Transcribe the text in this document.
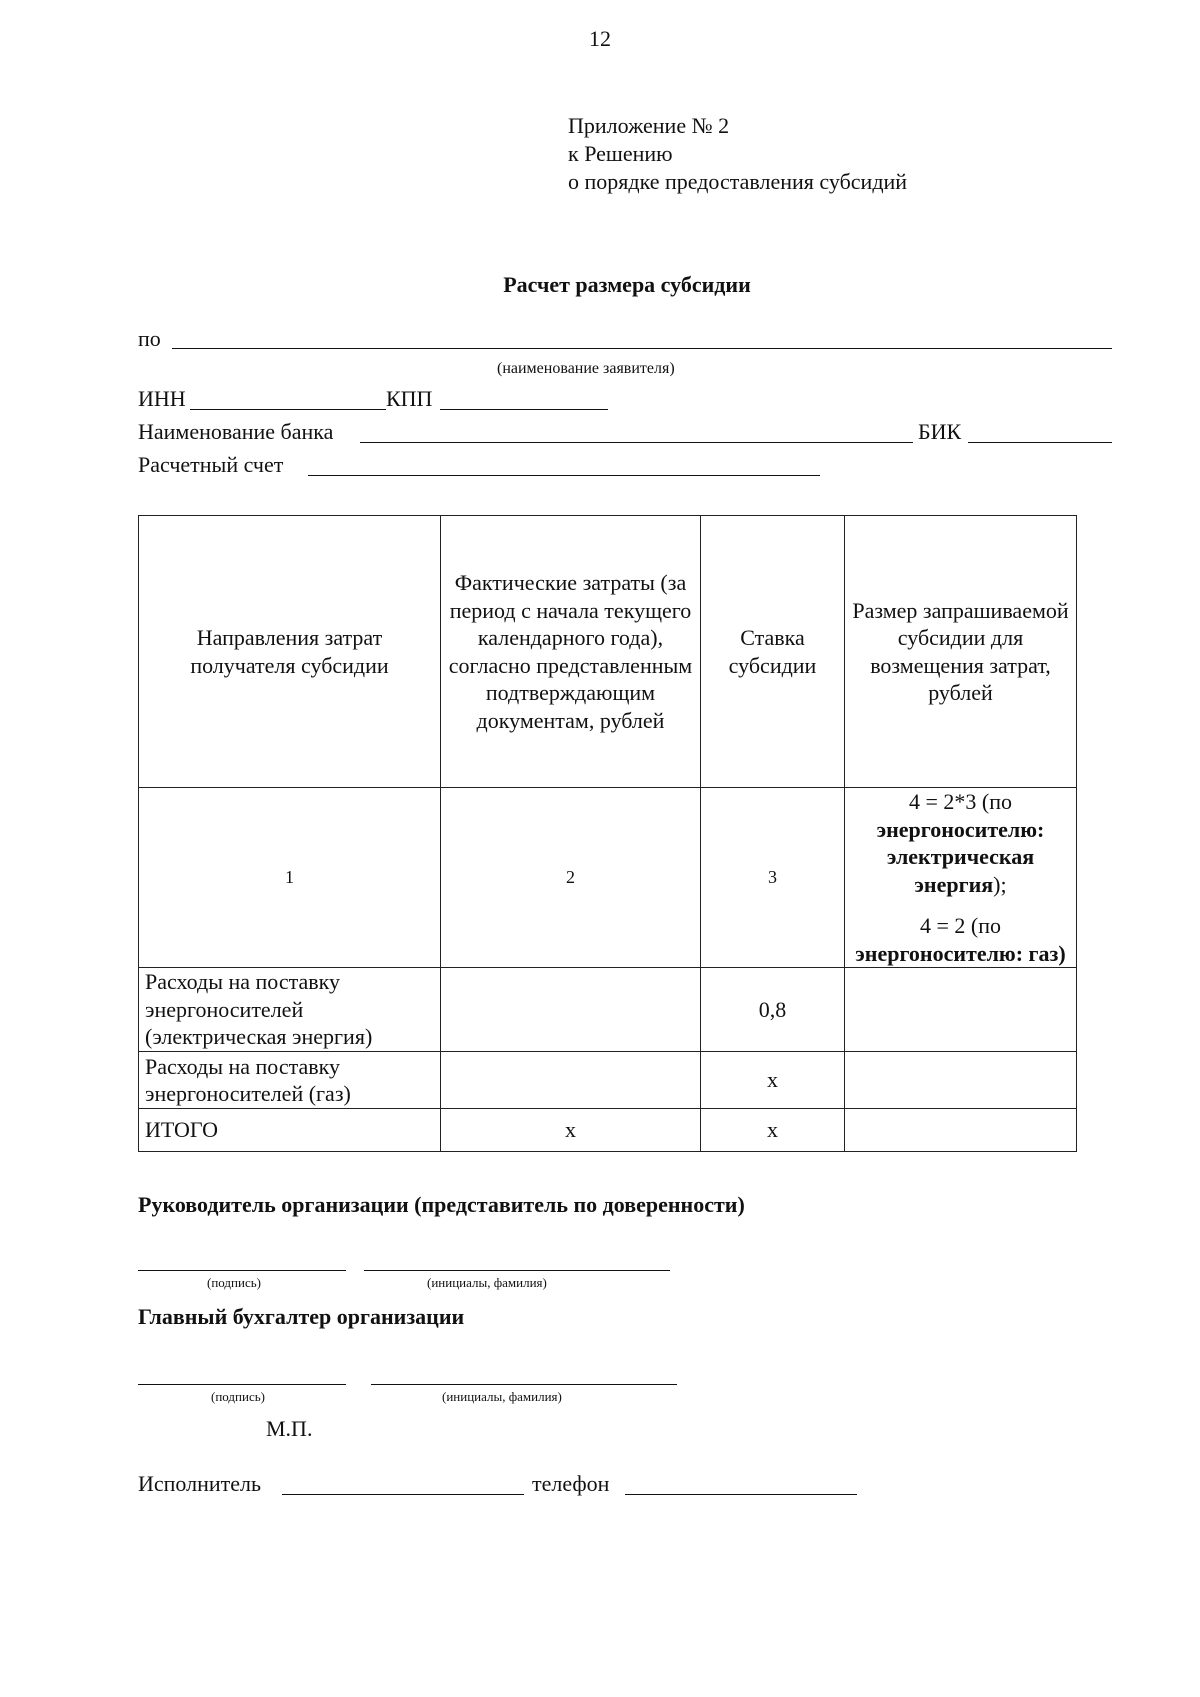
12
Приложение № 2
к Решению
о порядке предоставления субсидий
Расчет размера субсидии
по
(наименование заявителя)
ИНН	КПП
Наименование банка	БИК
Расчетный счет
Направления затрат получателя субсидии	Фактические затраты (за период с начала текущего календарного года), согласно представленным подтверждающим документам, рублей	Ставка субсидии	Размер запрашиваемой субсидии для возмещения затрат, рублей
1	2	3	4 = 2*3 (по
энергоносителю: электрическая энергия);
4 = 2 (по
энергоносителю: газ)

Расходы на поставку энергоносителей (электрическая энергия)		0,8	
Расходы на поставку энергоносителей (газ)		x	
ИТОГО	x	x	
Руководитель организации (представитель по доверенности)
(подпись)	(инициалы, фамилия)
Главный бухгалтер организации
(подпись)	(инициалы, фамилия)
М.П.
Исполнитель	телефон
